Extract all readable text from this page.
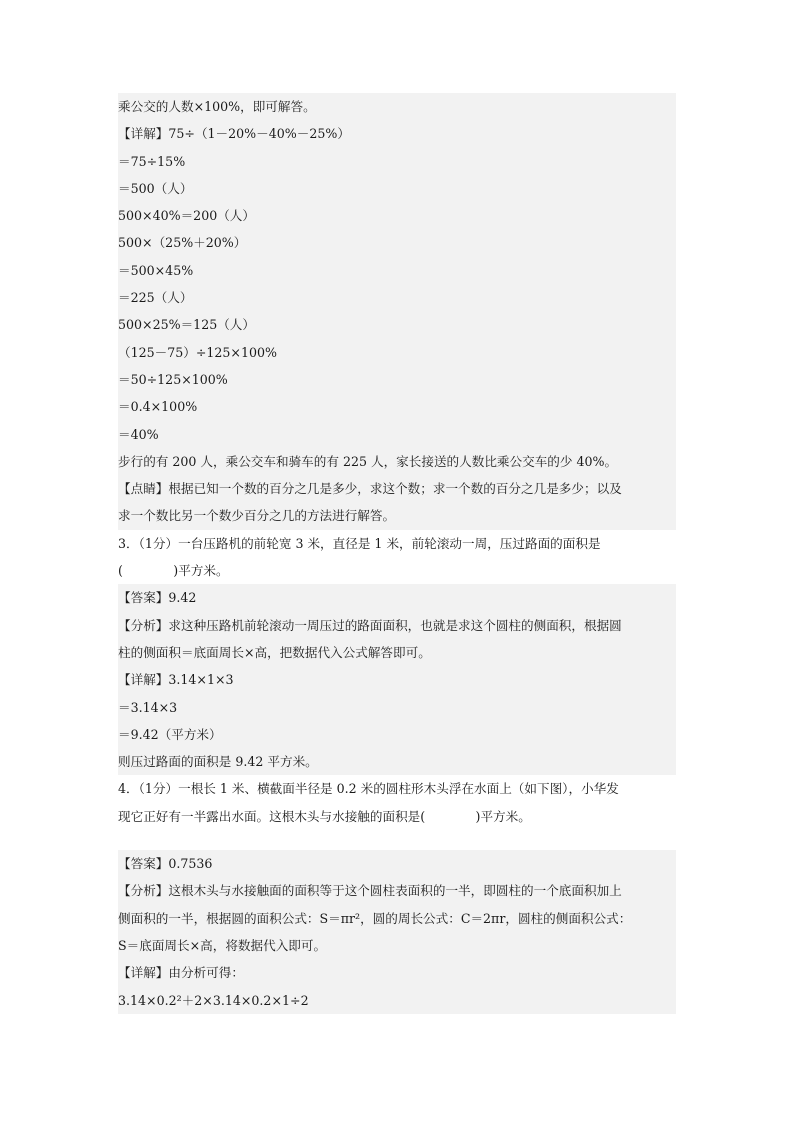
乘公交的人数×100%，即可解答。
【详解】75÷（1－20%－40%－25%）
＝75÷15%
＝500（人）
500×40%＝200（人）
500×（25%＋20%）
＝500×45%
＝225（人）
500×25%＝125（人）
（125－75）÷125×100%
＝50÷125×100%
＝0.4×100%
＝40%
步行的有 200 人，乘公交车和骑车的有 225 人，家长接送的人数比乘公交车的少 40%。
【点睛】根据已知一个数的百分之几是多少，求这个数；求一个数的百分之几是多少；以及
求一个数比另一个数少百分之几的方法进行解答。
3．（1分）一台压路机的前轮宽 3 米，直径是 1 米，前轮滚动一周，压过路面的面积是
(　　　　)平方米。
【答案】9.42
【分析】求这种压路机前轮滚动一周压过的路面面积，也就是求这个圆柱的侧面积，根据圆
柱的侧面积＝底面周长×高，把数据代入公式解答即可。
【详解】3.14×1×3
＝3.14×3
＝9.42（平方米）
则压过路面的面积是 9.42 平方米。
4．（1分）一根长 1 米、横截面半径是 0.2 米的圆柱形木头浮在水面上（如下图），小华发
现它正好有一半露出水面。这根木头与水接触的面积是(　　　　)平方米。
【答案】0.7536
【分析】这根木头与水接触面的面积等于这个圆柱表面积的一半，即圆柱的一个底面积加上
侧面积的一半，根据圆的面积公式：S＝πr²，圆的周长公式：C＝2πr，圆柱的侧面积公式：
S＝底面周长×高，将数据代入即可。
【详解】由分析可得：
3.14×0.2²＋2×3.14×0.2×1÷2
